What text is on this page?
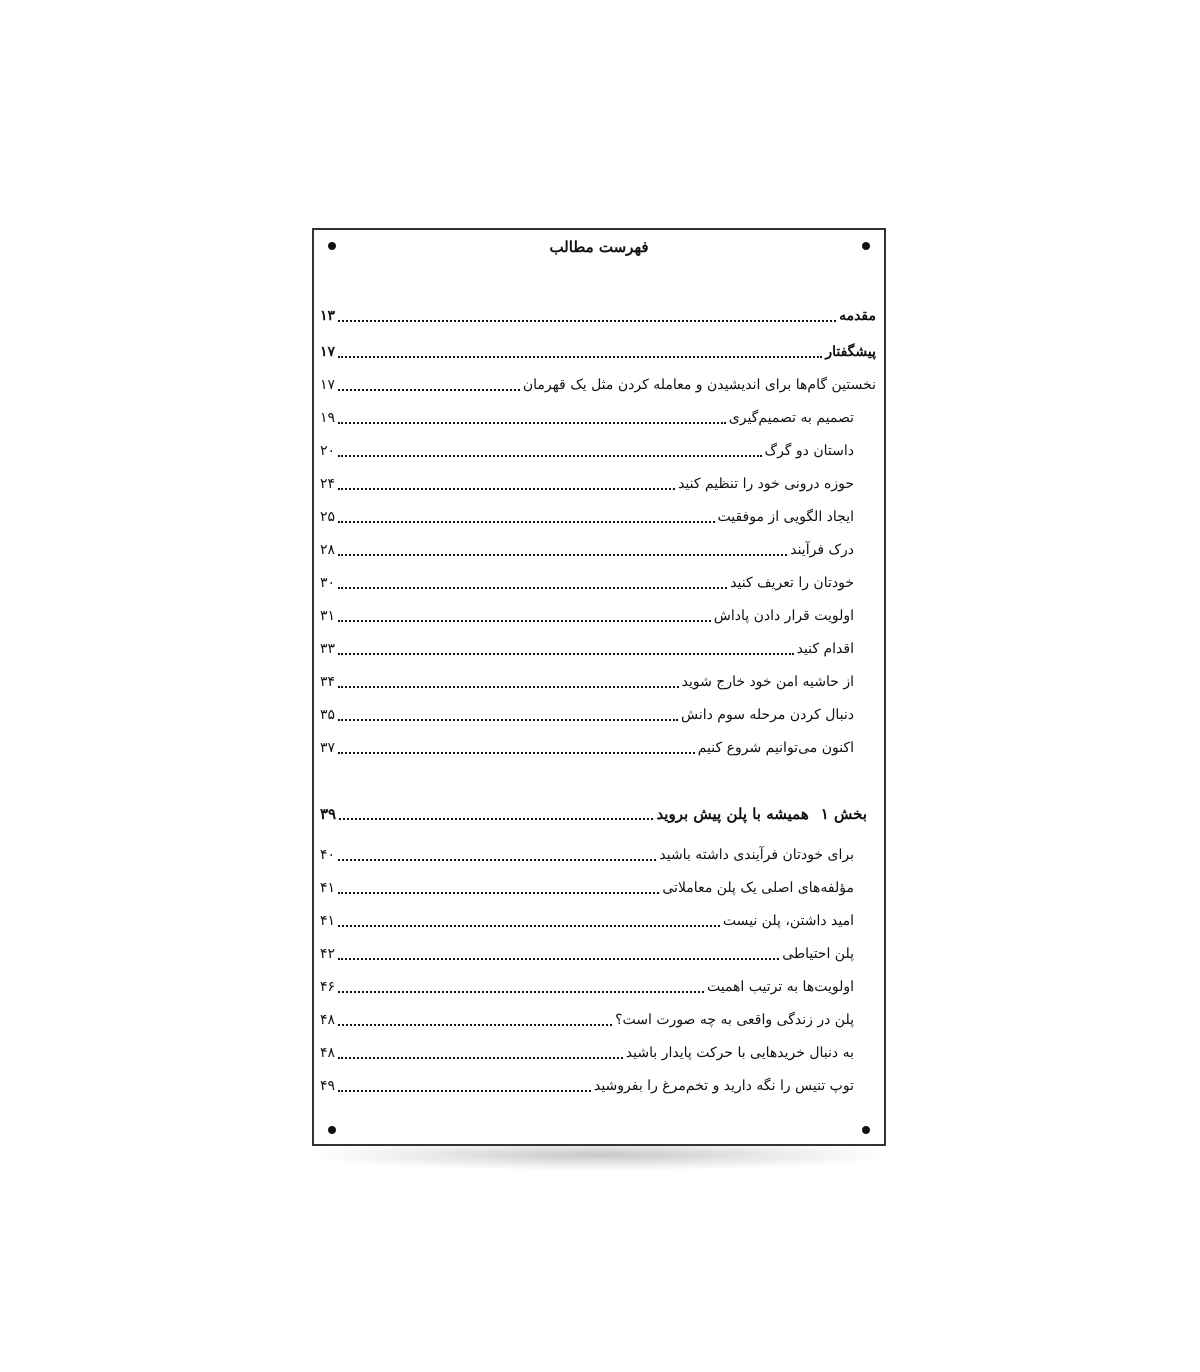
فهرست مطالب
مقدمه
۱۳
پیشگفتار
۱۷
نخستین گام‌ها برای اندیشیدن و معامله کردن مثل یک قهرمان
۱۷
تصمیم به تصمیم‌گیری
۱۹
داستان دو گرگ
۲۰
حوزه درونی خود را تنظیم کنید
۲۴
ایجاد الگویی از موفقیت
۲۵
درک فرآیند
۲۸
خودتان را تعریف کنید
۳۰
اولویت قرار دادن پاداش
۳۱
اقدام کنید
۳۳
از حاشیه امن خود خارج شوید
۳۴
دنبال کردن مرحله سوم دانش
۳۵
اکنون می‌توانیم شروع کنیم
۳۷
بخش ۱همیشه با پلن پیش بروید
۳۹
برای خودتان فرآیندی داشته باشید
۴۰
مؤلفه‌های اصلی یک پلن معاملاتی
۴۱
امید داشتن، پلن نیست
۴۱
پلن احتیاطی
۴۲
اولویت‌ها به ترتیب اهمیت
۴۶
پلن در زندگی واقعی به چه صورت است؟
۴۸
به دنبال خریدهایی با حرکت پایدار باشید
۴۸
توپ تنیس را نگه دارید و تخم‌مرغ را بفروشید
۴۹
